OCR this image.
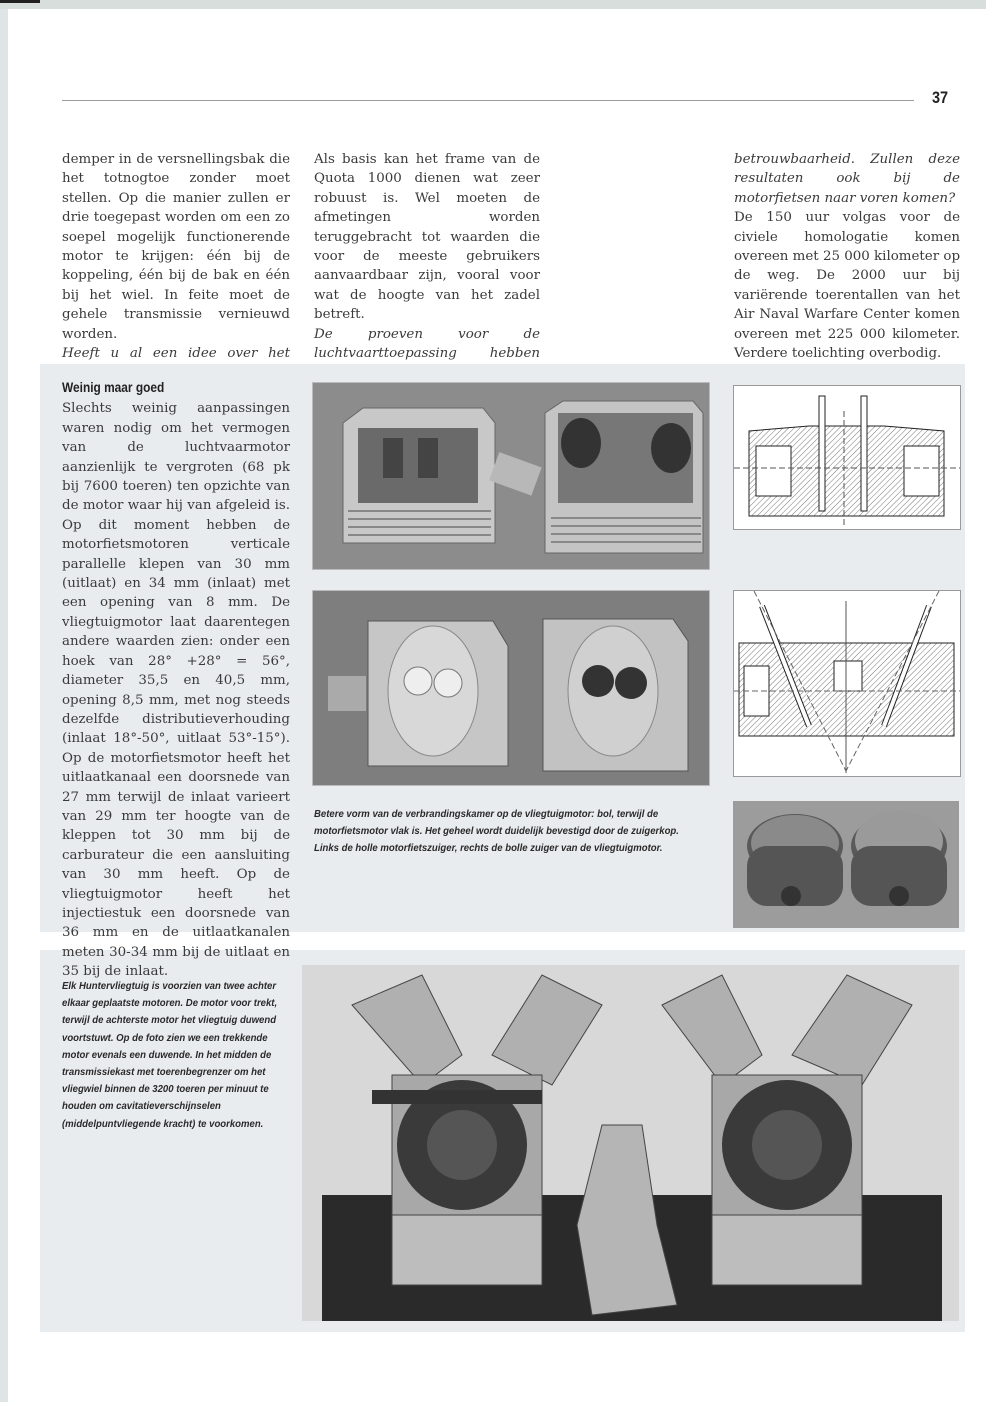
37

demper in de versnellingsbak die het totnogtoe zonder moet stellen. Op die manier zullen er drie toegepast worden om een zo soepel mogelijk functionerende motor te krijgen: één bij de koppeling, één bij de bak en één bij het wiel. In feite moet de gehele transmissie vernieuwd worden.

Heeft u al een idee over het

Als basis kan het frame van de Quota 1000 dienen wat zeer robuust is. Wel moeten de afmetingen worden teruggebracht tot waarden die voor de meeste gebruikers aanvaardbaar zijn, vooral voor wat de hoogte van het zadel betreft.

De proeven voor de luchtvaarttoepassing hebben

betrouwbaarheid. Zullen deze resultaten ook bij de motorfietsen naar voren komen?

De 150 uur volgas voor de civiele homologatie komen overeen met 25 000 kilometer op de weg. De 2000 uur bij variërende toerentallen van het Air Naval Warfare Center komen overeen met 225 000 kilometer. Verdere toelichting overbodig.

Weinig maar goed

Slechts weinig aanpassingen waren nodig om het vermogen van de luchtvaarmotor aanzienlijk te vergroten (68 pk bij 7600 toeren) ten opzichte van de motor waar hij van afgeleid is. Op dit moment hebben de motorfietsmotoren verticale parallelle klepen van 30 mm (uitlaat) en 34 mm (inlaat) met een opening van 8 mm. De vliegtuigmotor laat daarentegen andere waarden zien: onder een hoek van 28° +28° = 56°, diameter 35,5 en 40,5 mm, opening 8,5 mm, met nog steeds dezelfde distributieverhouding (inlaat 18°-50°, uitlaat 53°-15°). Op de motorfietsmotor heeft het uitlaatkanaal een doorsnede van 27 mm terwijl de inlaat varieert van 29 mm ter hoogte van de kleppen tot 30 mm bij de carburateur die een aansluiting van 30 mm heeft. Op de vliegtuigmotor heeft het injectiestuk een doorsnede van 36 mm en de uitlaatkanalen meten 30-34 mm bij de uitlaat en 35 bij de inlaat.

Betere vorm van de verbrandingskamer op de vliegtuigmotor: bol, terwijl de motorfietsmotor vlak is. Het geheel wordt duidelijk bevestigd door de zuigerkop. Links de holle motorfietszuiger, rechts de bolle zuiger van de vliegtuigmotor.
Elk Huntervliegtuig is voorzien van twee achter elkaar geplaatste motoren. De motor voor trekt, terwijl de achterste motor het vliegtuig duwend voortstuwt. Op de foto zien we een trekkende motor evenals een duwende. In het midden de transmissiekast met toerenbegrenzer om het vliegwiel binnen de 3200 toeren per minuut te houden om cavitatieverschijnselen (middelpuntvliegende kracht) te voorkomen.
